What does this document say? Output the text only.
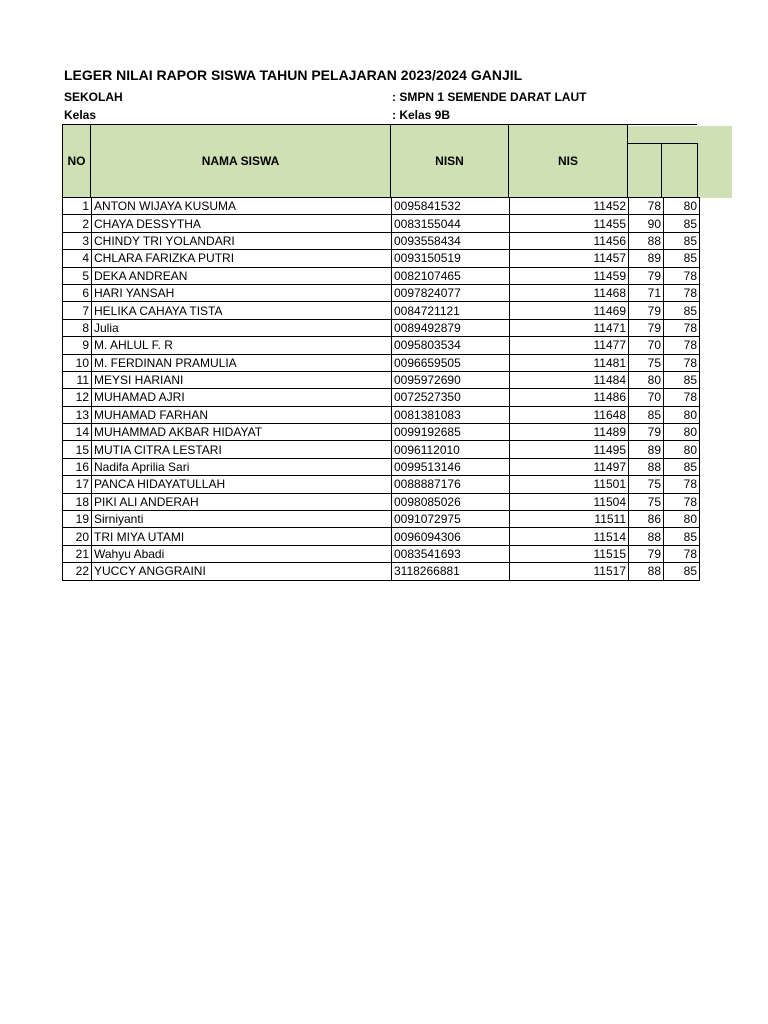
LEGER NILAI RAPOR SISWA TAHUN PELAJARAN 2023/2024 GANJIL
SEKOLAH	: SMPN 1 SEMENDE DARAT LAUT
Kelas	: Kelas 9B
NO	NAMA SISWA	NISN	NIS
1	ANTON WIJAYA KUSUMA	0095841532	11452	78	80
2	CHAYA DESSYTHA	0083155044	11455	90	85
3	CHINDY TRI YOLANDARI	0093558434	11456	88	85
4	CHLARA FARIZKA PUTRI	0093150519	11457	89	85
5	DEKA ANDREAN	0082107465	11459	79	78
6	HARI YANSAH	0097824077	11468	71	78
7	HELIKA CAHAYA TISTA	0084721121	11469	79	85
8	Julia	0089492879	11471	79	78
9	M. AHLUL F. R	0095803534	11477	70	78
10	M. FERDINAN PRAMULIA	0096659505	11481	75	78
11	MEYSI HARIANI	0095972690	11484	80	85
12	MUHAMAD AJRI	0072527350	11486	70	78
13	MUHAMAD FARHAN	0081381083	11648	85	80
14	MUHAMMAD AKBAR HIDAYAT	0099192685	11489	79	80
15	MUTIA CITRA LESTARI	0096112010	11495	89	80
16	Nadifa Aprilia Sari	0099513146	11497	88	85
17	PANCA HIDAYATULLAH	0088887176	11501	75	78
18	PIKI ALI ANDERAH	0098085026	11504	75	78
19	Sirniyanti	0091072975	11511	86	80
20	TRI MIYA UTAMI	0096094306	11514	88	85
21	Wahyu Abadi	0083541693	11515	79	78
22	YUCCY ANGGRAINI	3118266881	11517	88	85
